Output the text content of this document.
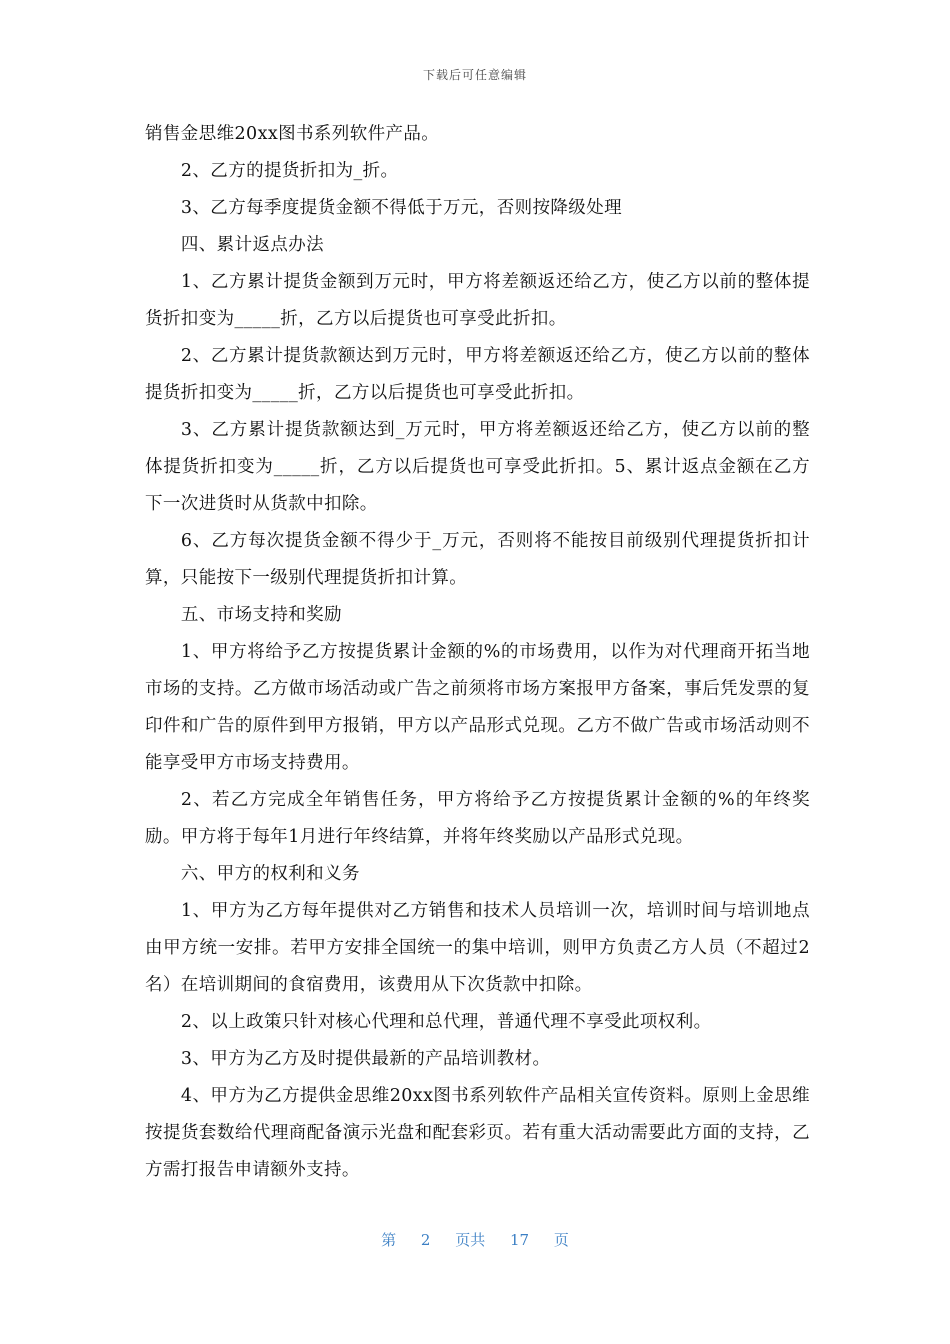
下载后可任意编辑

销售金思维20xx图书系列软件产品。

2、乙方的提货折扣为_折。

3、乙方每季度提货金额不得低于万元，否则按降级处理

四、累计返点办法

1、乙方累计提货金额到万元时，甲方将差额返还给乙方，使乙方以前的整体提货折扣变为_____折，乙方以后提货也可享受此折扣。

2、乙方累计提货款额达到万元时，甲方将差额返还给乙方，使乙方以前的整体提货折扣变为_____折，乙方以后提货也可享受此折扣。

3、乙方累计提货款额达到_万元时，甲方将差额返还给乙方，使乙方以前的整体提货折扣变为_____折，乙方以后提货也可享受此折扣。5、累计返点金额在乙方下一次进货时从货款中扣除。

6、乙方每次提货金额不得少于_万元，否则将不能按目前级别代理提货折扣计算，只能按下一级别代理提货折扣计算。

五、市场支持和奖励

1、甲方将给予乙方按提货累计金额的%的市场费用，以作为对代理商开拓当地市场的支持。乙方做市场活动或广告之前须将市场方案报甲方备案，事后凭发票的复印件和广告的原件到甲方报销，甲方以产品形式兑现。乙方不做广告或市场活动则不能享受甲方市场支持费用。

2、若乙方完成全年销售任务，甲方将给予乙方按提货累计金额的%的年终奖励。甲方将于每年1月进行年终结算，并将年终奖励以产品形式兑现。

六、甲方的权利和义务

1、甲方为乙方每年提供对乙方销售和技术人员培训一次，培训时间与培训地点由甲方统一安排。若甲方安排全国统一的集中培训，则甲方负责乙方人员（不超过2名）在培训期间的食宿费用，该费用从下次货款中扣除。

2、以上政策只针对核心代理和总代理，普通代理不享受此项权利。

3、甲方为乙方及时提供最新的产品培训教材。

4、甲方为乙方提供金思维20xx图书系列软件产品相关宣传资料。原则上金思维按提货套数给代理商配备演示光盘和配套彩页。若有重大活动需要此方面的支持，乙方需打报告申请额外支持。

第 2 页共 17 页
